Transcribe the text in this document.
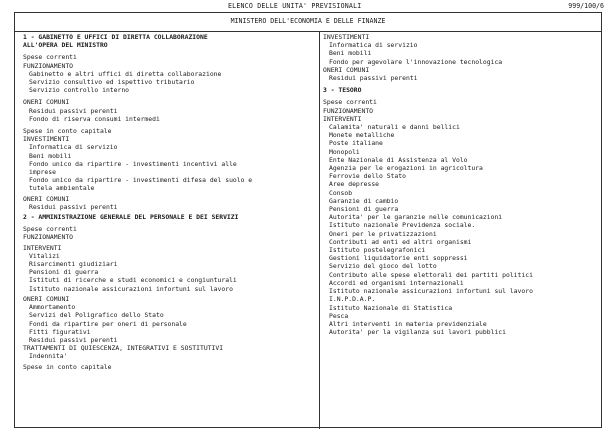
ELENCO DELLE UNITA' PREVISIONALI	999/100/6
MINISTERO DELL'ECONOMIA E DELLE FINANZE
1 - GABINETTO E UFFICI DI DIRETTA COLLABORAZIONE
ALL'OPERA DEL MINISTRO
Spese correnti
FUNZIONAMENTO
Gabinetto e altri uffici di diretta collaborazione
Servizio consultivo ed ispettivo tributario
Servizio controllo interno
ONERI COMUNI
Residui passivi perenti
Fondo di riserva consumi intermedi
Spese in conto capitale
INVESTIMENTI
Informatica di servizio
Beni mobili
Fondo unico da ripartire - investimenti incentivi alle
imprese
Fondo unico da ripartire - investimenti difesa del suolo e
tutela ambientale
ONERI COMUNI
Residui passivi perenti
2 - AMMINISTRAZIONE GENERALE DEL PERSONALE E DEI SERVIZI
Spese correnti
FUNZIONAMENTO
INTERVENTI
Vitalizi
Risarcimenti giudiziari
Pensioni di guerra
Istituti di ricerche e studi economici e congiunturali
Istituto nazionale assicurazioni infortuni sul lavoro
ONERI COMUNI
Ammortamento
Servizi del Poligrafico dello Stato
Fondi da ripartire per oneri di personale
Fitti figurativi
Residui passivi perenti
TRATTAMENTI DI QUIESCENZA, INTEGRATIVI E SOSTITUTIVI
Indennita'
Spese in conto capitale
INVESTIMENTI
Informatica di servizio
Beni mobili
Fondo per agevolare l'innovazione tecnologica
ONERI COMUNI
Residui passivi perenti
3 - TESORO
Spese correnti
FUNZIONAMENTO
INTERVENTI
Calamita' naturali e danni bellici
Monete metalliche
Poste italiane
Monopoli
Ente Nazionale di Assistenza al Volo
Agenzia per le erogazioni in agricoltura
Ferrovie dello Stato
Aree depresse
Consob
Garanzie di cambio
Pensioni di guerra
Autorita' per le garanzie nelle comunicazioni
Istituto nazionale Previdenza sociale.
Oneri per le privatizzazioni
Contributi ad enti ed altri organismi
Istituto postelegrafonici
Gestioni liquidatorie enti soppressi
Servizio del gioco del lotto
Contributo alle spese elettorali dei partiti politici
Accordi ed organismi internazionali
Istituto nazionale assicurazioni infortuni sul lavoro
I.N.P.D.A.P.
Istituto Nazionale di Statistica
Pesca
Altri interventi in materia previdenziale
Autorita' per la vigilanza sui lavori pubblici
